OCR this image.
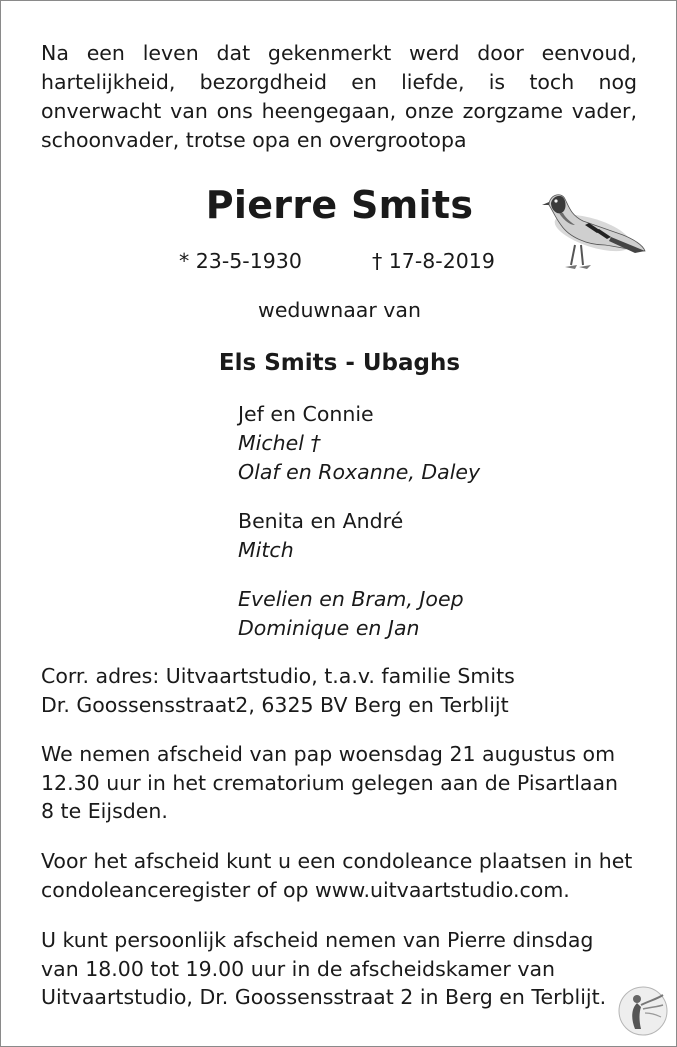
Na een leven dat gekenmerkt werd door eenvoud, hartelijkheid, bezorgdheid en liefde, is toch nog onverwacht van ons heengegaan, onze zorgzame vader, schoonvader, trotse opa en overgrootopa
Pierre Smits
* 23-5-1930	† 17-8-2019
weduwnaar van
Els Smits - Ubaghs
Jef en Connie
Michel †
Olaf en Roxanne, Daley
Benita en André
Mitch
Evelien en Bram, Joep
Dominique en Jan
Corr. adres: Uitvaartstudio, t.a.v. familie Smits
Dr. Goossensstraat2, 6325 BV Berg en Terblijt
We nemen afscheid van pap woensdag 21 augustus om
12.30 uur in het crematorium gelegen aan de Pisartlaan
8 te Eijsden.
Voor het afscheid kunt u een condoleance plaatsen in het
condoleanceregister of op www.uitvaartstudio.com.
U kunt persoonlijk afscheid nemen van Pierre dinsdag
van 18.00 tot 19.00 uur in de afscheidskamer van
Uitvaartstudio, Dr. Goossensstraat 2 in Berg en Terblijt.
